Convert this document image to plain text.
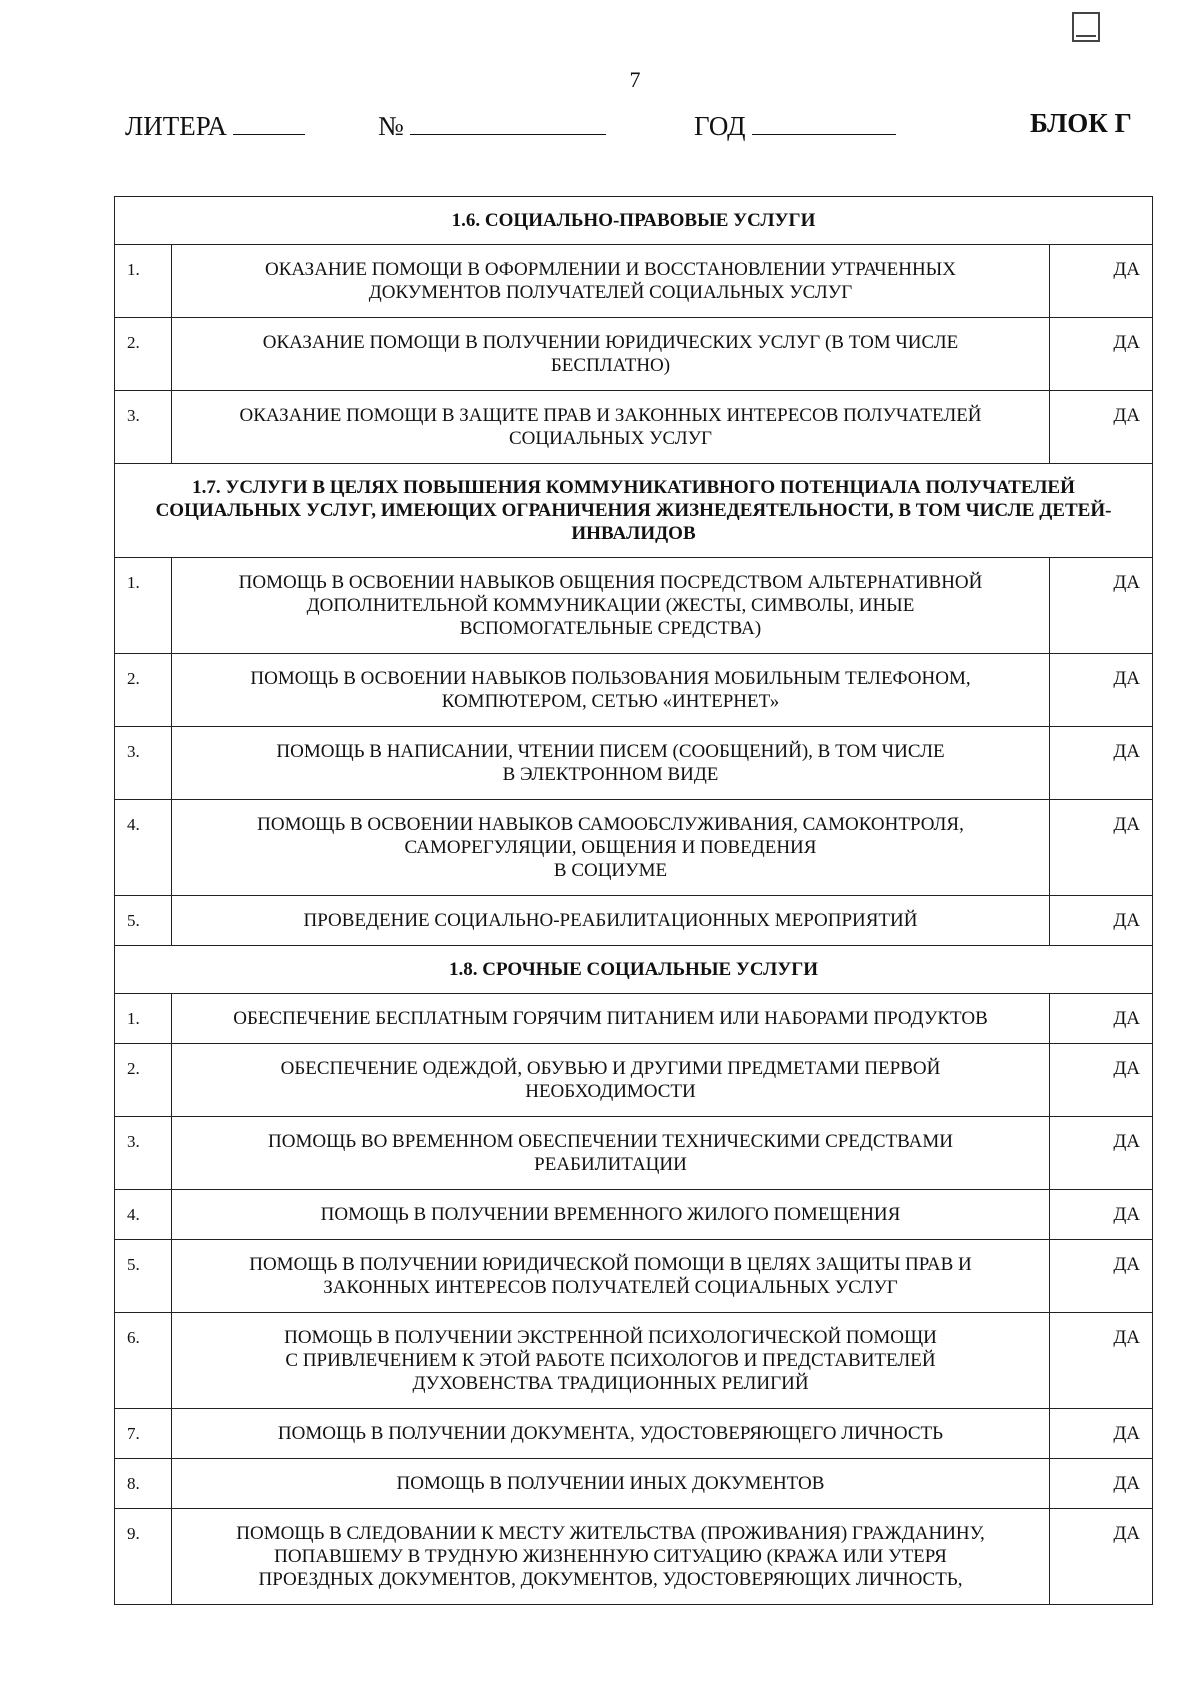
7
ЛИТЕРА	№	ГОД	БЛОК Г
1.6. СОЦИАЛЬНО-ПРАВОВЫЕ УСЛУГИ		
1.	ОКАЗАНИЕ ПОМОЩИ В ОФОРМЛЕНИИ И ВОССТАНОВЛЕНИИ УТРАЧЕННЫХ
ДОКУМЕНТОВ ПОЛУЧАТЕЛЕЙ СОЦИАЛЬНЫХ УСЛУГ	ДА
2.	ОКАЗАНИЕ ПОМОЩИ В ПОЛУЧЕНИИ ЮРИДИЧЕСКИХ УСЛУГ (В ТОМ ЧИСЛЕ
БЕСПЛАТНО)	ДА
3.	ОКАЗАНИЕ ПОМОЩИ В ЗАЩИТЕ ПРАВ И ЗАКОННЫХ ИНТЕРЕСОВ ПОЛУЧАТЕЛЕЙ
СОЦИАЛЬНЫХ УСЛУГ	ДА
1.7. УСЛУГИ В ЦЕЛЯХ ПОВЫШЕНИЯ КОММУНИКАТИВНОГО ПОТЕНЦИАЛА ПОЛУЧАТЕЛЕЙ СОЦИАЛЬНЫХ УСЛУГ, ИМЕЮЩИХ ОГРАНИЧЕНИЯ ЖИЗНЕДЕЯТЕЛЬНОСТИ, В ТОМ ЧИСЛЕ ДЕТЕЙ-ИНВАЛИДОВ		
1.	ПОМОЩЬ В ОСВОЕНИИ НАВЫКОВ ОБЩЕНИЯ ПОСРЕДСТВОМ АЛЬТЕРНАТИВНОЙ
ДОПОЛНИТЕЛЬНОЙ КОММУНИКАЦИИ (ЖЕСТЫ, СИМВОЛЫ, ИНЫЕ
ВСПОМОГАТЕЛЬНЫЕ СРЕДСТВА)	ДА
2.	ПОМОЩЬ В ОСВОЕНИИ НАВЫКОВ ПОЛЬЗОВАНИЯ МОБИЛЬНЫМ ТЕЛЕФОНОМ,
КОМПЮТЕРОМ, СЕТЬЮ «ИНТЕРНЕТ»	ДА
3.	ПОМОЩЬ В НАПИСАНИИ, ЧТЕНИИ ПИСЕМ (СООБЩЕНИЙ), В ТОМ ЧИСЛЕ
В ЭЛЕКТРОННОМ ВИДЕ	ДА
4.	ПОМОЩЬ В ОСВОЕНИИ НАВЫКОВ САМООБСЛУЖИВАНИЯ, САМОКОНТРОЛЯ,
САМОРЕГУЛЯЦИИ, ОБЩЕНИЯ И ПОВЕДЕНИЯ
В СОЦИУМЕ	ДА
5.	ПРОВЕДЕНИЕ СОЦИАЛЬНО-РЕАБИЛИТАЦИОННЫХ МЕРОПРИЯТИЙ	ДА
1.8. СРОЧНЫЕ СОЦИАЛЬНЫЕ УСЛУГИ		
1.	ОБЕСПЕЧЕНИЕ БЕСПЛАТНЫМ ГОРЯЧИМ ПИТАНИЕМ ИЛИ НАБОРАМИ ПРОДУКТОВ	ДА
2.	ОБЕСПЕЧЕНИЕ ОДЕЖДОЙ, ОБУВЬЮ И ДРУГИМИ ПРЕДМЕТАМИ ПЕРВОЙ
НЕОБХОДИМОСТИ	ДА
3.	ПОМОЩЬ ВО ВРЕМЕННОМ ОБЕСПЕЧЕНИИ ТЕХНИЧЕСКИМИ СРЕДСТВАМИ
РЕАБИЛИТАЦИИ	ДА
4.	ПОМОЩЬ В ПОЛУЧЕНИИ ВРЕМЕННОГО ЖИЛОГО ПОМЕЩЕНИЯ	ДА
5.	ПОМОЩЬ В ПОЛУЧЕНИИ ЮРИДИЧЕСКОЙ ПОМОЩИ В ЦЕЛЯХ ЗАЩИТЫ ПРАВ И
ЗАКОННЫХ ИНТЕРЕСОВ ПОЛУЧАТЕЛЕЙ СОЦИАЛЬНЫХ УСЛУГ	ДА
6.	ПОМОЩЬ В ПОЛУЧЕНИИ ЭКСТРЕННОЙ ПСИХОЛОГИЧЕСКОЙ ПОМОЩИ
С ПРИВЛЕЧЕНИЕМ К ЭТОЙ РАБОТЕ ПСИХОЛОГОВ И ПРЕДСТАВИТЕЛЕЙ
ДУХОВЕНСТВА ТРАДИЦИОННЫХ РЕЛИГИЙ	ДА
7.	ПОМОЩЬ В ПОЛУЧЕНИИ ДОКУМЕНТА, УДОСТОВЕРЯЮЩЕГО ЛИЧНОСТЬ	ДА
8.	ПОМОЩЬ В ПОЛУЧЕНИИ ИНЫХ ДОКУМЕНТОВ	ДА
9.	ПОМОЩЬ В СЛЕДОВАНИИ К МЕСТУ ЖИТЕЛЬСТВА (ПРОЖИВАНИЯ) ГРАЖДАНИНУ,
ПОПАВШЕМУ В ТРУДНУЮ ЖИЗНЕННУЮ СИТУАЦИЮ (КРАЖА ИЛИ УТЕРЯ
ПРОЕЗДНЫХ ДОКУМЕНТОВ, ДОКУМЕНТОВ, УДОСТОВЕРЯЮЩИХ ЛИЧНОСТЬ,	ДА
